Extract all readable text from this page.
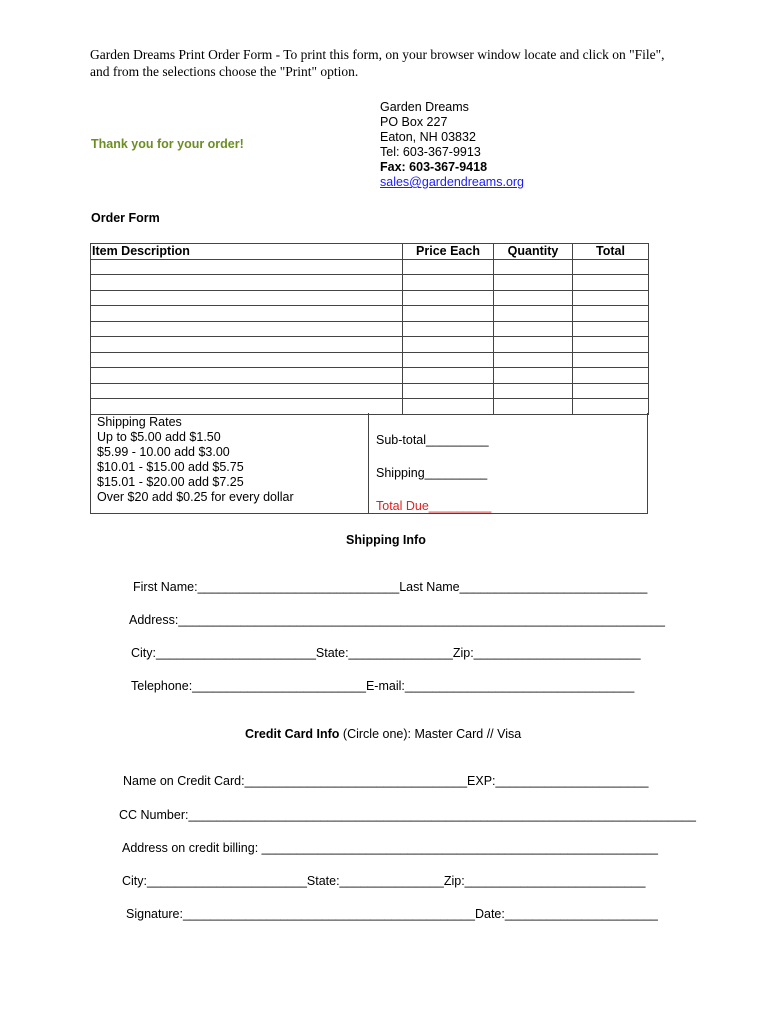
Garden Dreams Print Order Form - To print this form, on your browser window locate and click on "File", and from the selections choose the "Print" option.
Thank you for your order!
Garden Dreams
PO Box 227
Eaton, NH 03832
Tel: 603-367-9913
Fax: 603-367-9418
sales@gardendreams.org
Order Form
Item Description	Price Each	Quantity	Total

Shipping Rates
Up to $5.00 add $1.50
$5.99 - 10.00 add $3.00
$10.01 - $15.00 add $5.75
$15.01 - $20.00 add $7.25
Over $20 add $0.25 for every dollar
Sub-total_________
Shipping_________
Total Due_________
Shipping Info
First Name:_____________________________Last Name___________________________
Address:______________________________________________________________________
City:_______________________State:_______________Zip:________________________
Telephone:_________________________E-mail:_________________________________
Credit Card Info (Circle one): Master Card // Visa
Name on Credit Card:________________________________EXP:______________________
CC Number:_________________________________________________________________________
Address on credit billing: _________________________________________________________
City:_______________________State:_______________Zip:__________________________
Signature:__________________________________________Date:______________________
